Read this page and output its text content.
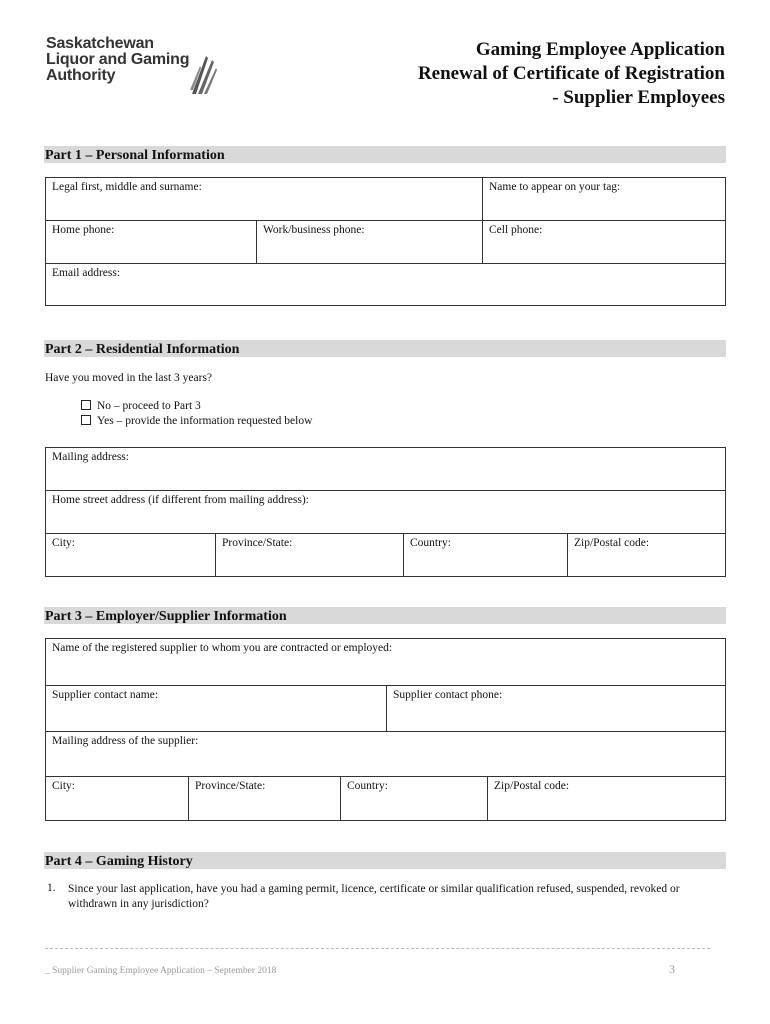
Saskatchewan
Liquor and Gaming
Authority
Gaming Employee Application
Renewal of Certificate of Registration
- Supplier Employees
Part 1 – Personal Information
Legal first, middle and surname:	Name to appear on your tag:
Home phone:	Work/business phone:	Cell phone:
Email address:
Part 2 – Residential Information
Have you moved in the last 3 years?
No – proceed to Part 3
Yes – provide the information requested below
Mailing address:
Home street address (if different from mailing address):
City:	Province/State:	Country:	Zip/Postal code:
Part 3 – Employer/Supplier Information
Name of the registered supplier to whom you are contracted or employed:
Supplier contact name:	Supplier contact phone:
Mailing address of the supplier:
City:	Province/State:	Country:	Zip/Postal code:
Part 4 – Gaming History
1. Since your last application, have you had a gaming permit, licence, certificate or similar qualification refused, suspended, revoked or withdrawn in any jurisdiction?
_ Supplier Gaming Employee Application – September 2018	3
